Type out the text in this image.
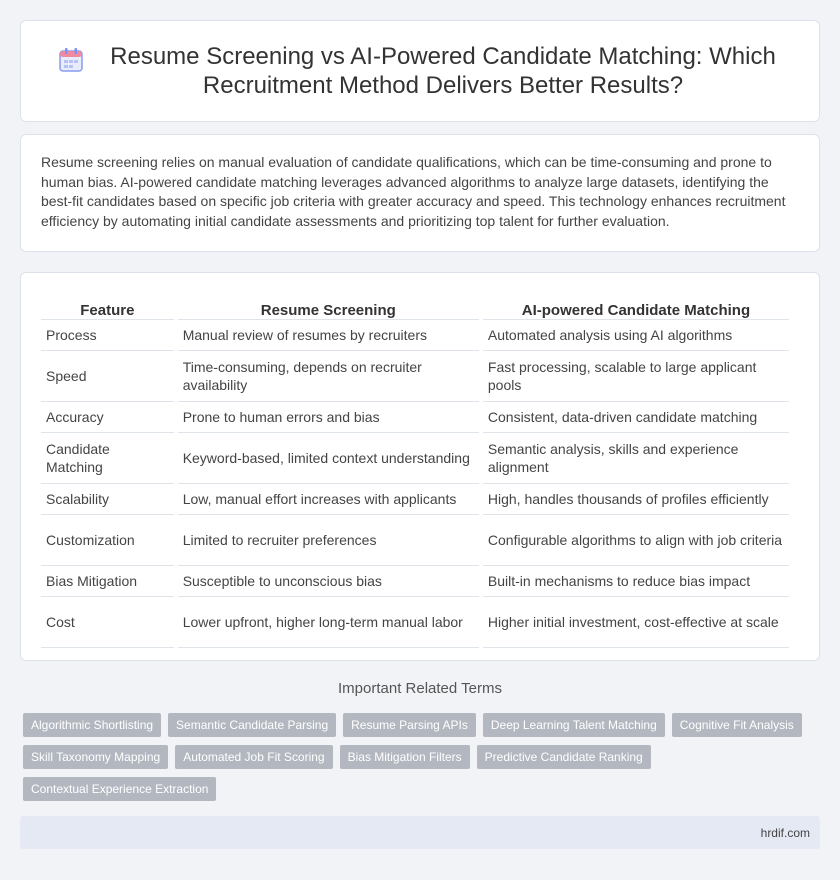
Resume Screening vs AI-Powered Candidate Matching: Which Recruitment Method Delivers Better Results?

Resume screening relies on manual evaluation of candidate qualifications, which can be time-consuming and prone to human bias. AI-powered candidate matching leverages advanced algorithms to analyze large datasets, identifying the best-fit candidates based on specific job criteria with greater accuracy and speed. This technology enhances recruitment efficiency by automating initial candidate assessments and prioritizing top talent for further evaluation.

Feature	Resume Screening	AI-powered Candidate Matching
Process	Manual review of resumes by recruiters	Automated analysis using AI algorithms
Speed	Time-consuming, depends on recruiter availability	Fast processing, scalable to large applicant pools
Accuracy	Prone to human errors and bias	Consistent, data-driven candidate matching
Candidate Matching	Keyword-based, limited context understanding	Semantic analysis, skills and experience alignment
Scalability	Low, manual effort increases with applicants	High, handles thousands of profiles efficiently
Customization	Limited to recruiter preferences	Configurable algorithms to align with job criteria
Bias Mitigation	Susceptible to unconscious bias	Built-in mechanisms to reduce bias impact
Cost	Lower upfront, higher long-term manual labor	Higher initial investment, cost-effective at scale
Important Related Terms
Algorithmic Shortlisting	Semantic Candidate Parsing	Resume Parsing APIs	Deep Learning Talent Matching	Cognitive Fit Analysis
Skill Taxonomy Mapping	Automated Job Fit Scoring	Bias Mitigation Filters	Predictive Candidate Ranking
Contextual Experience Extraction
hrdif.com
